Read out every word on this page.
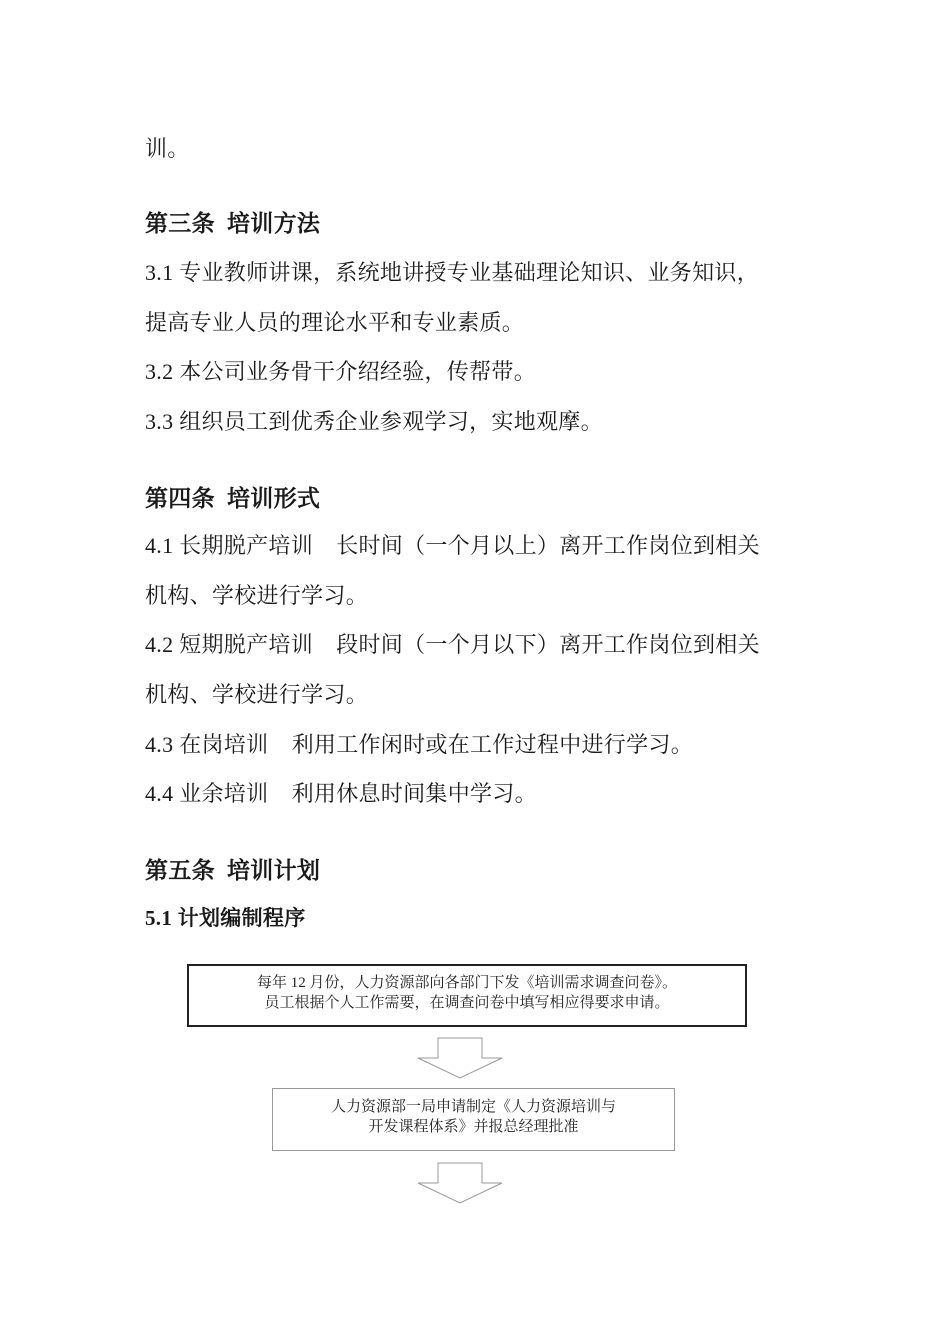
训。
第三条  培训方法
3.1 专业教师讲课，系统地讲授专业基础理论知识、业务知识，
提高专业人员的理论水平和专业素质。
3.2 本公司业务骨干介绍经验，传帮带。
3.3 组织员工到优秀企业参观学习，实地观摩。
第四条  培训形式
4.1 长期脱产培训    长时间（一个月以上）离开工作岗位到相关
机构、学校进行学习。
4.2 短期脱产培训    段时间（一个月以下）离开工作岗位到相关
机构、学校进行学习。
4.3 在岗培训    利用工作闲时或在工作过程中进行学习。
4.4 业余培训    利用休息时间集中学习。
第五条  培训计划
5.1 计划编制程序
每年 12 月份，人力资源部向各部门下发《培训需求调查问卷》。
员工根据个人工作需要，在调查问卷中填写相应得要求申请。
人力资源部一局申请制定《人力资源培训与
开发课程体系》并报总经理批准
